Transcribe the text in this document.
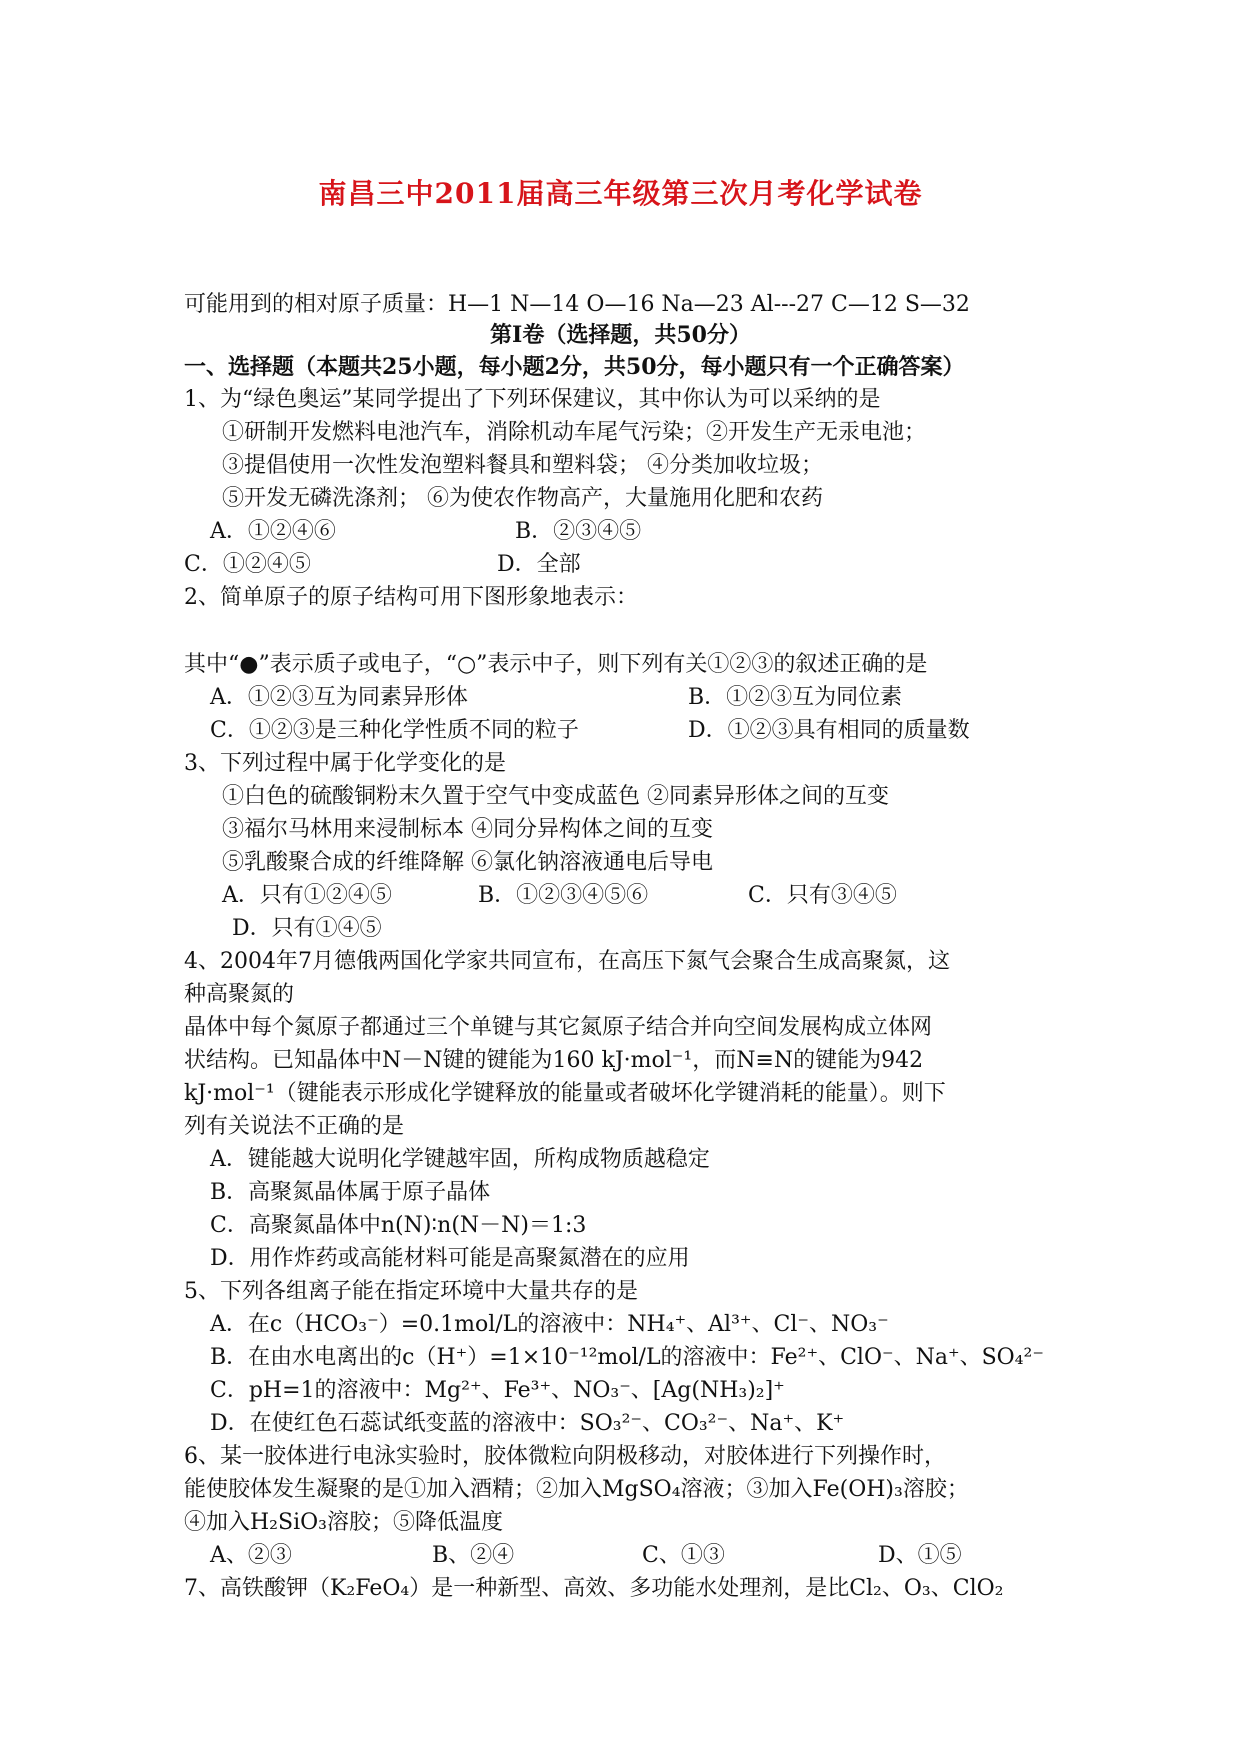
南昌三中2011届高三年级第三次月考化学试卷
可能用到的相对原子质量：H—1 N—14 O—16 Na—23 Al---27 C—12 S—32
第Ⅰ卷（选择题，共50分）
一、选择题（本题共25小题，每小题2分，共50分，每小题只有一个正确答案）
1、为“绿色奥运”某同学提出了下列环保建议，其中你认为可以采纳的是
①研制开发燃料电池汽车，消除机动车尾气污染；②开发生产无汞电池；
③提倡使用一次性发泡塑料餐具和塑料袋； ④分类加收垃圾；
⑤开发无磷洗涤剂； ⑥为使农作物高产，大量施用化肥和农药
A．①②④⑥	B．②③④⑤
C．①②④⑤	D．全部
2、简单原子的原子结构可用下图形象地表示：
其中“●”表示质子或电子，“○”表示中子，则下列有关①②③的叙述正确的是
A．①②③互为同素异形体	B．①②③互为同位素
C．①②③是三种化学性质不同的粒子	D．①②③具有相同的质量数
3、下列过程中属于化学变化的是
①白色的硫酸铜粉末久置于空气中变成蓝色 ②同素异形体之间的互变
③福尔马林用来浸制标本 ④同分异构体之间的互变
⑤乳酸聚合成的纤维降解 ⑥氯化钠溶液通电后导电
A．只有①②④⑤	B．①②③④⑤⑥	C．只有③④⑤
D．只有①④⑤
4、2004年7月德俄两国化学家共同宣布，在高压下氮气会聚合生成高聚氮，这
种高聚氮的
晶体中每个氮原子都通过三个单键与其它氮原子结合并向空间发展构成立体网
状结构。已知晶体中N－N键的键能为160 kJ·mol⁻¹，而N≡N的键能为942
kJ·mol⁻¹（键能表示形成化学键释放的能量或者破坏化学键消耗的能量）。则下
列有关说法不正确的是
A．键能越大说明化学键越牢固，所构成物质越稳定
B．高聚氮晶体属于原子晶体
C．高聚氮晶体中n(N)∶n(N－N)＝1:3
D．用作炸药或高能材料可能是高聚氮潜在的应用
5、下列各组离子能在指定环境中大量共存的是
A．在c（HCO₃⁻）=0.1mol/L的溶液中：NH₄⁺、Al³⁺、Cl⁻、NO₃⁻
B．在由水电离出的c（H⁺）=1×10⁻¹²mol/L的溶液中：Fe²⁺、ClO⁻、Na⁺、SO₄²⁻
C．pH=1的溶液中：Mg²⁺、Fe³⁺、NO₃⁻、[Ag(NH₃)₂]⁺
D．在使红色石蕊试纸变蓝的溶液中：SO₃²⁻、CO₃²⁻、Na⁺、K⁺
6、某一胶体进行电泳实验时，胶体微粒向阴极移动，对胶体进行下列操作时，
能使胶体发生凝聚的是①加入酒精；②加入MgSO₄溶液；③加入Fe(OH)₃溶胶；
④加入H₂SiO₃溶胶；⑤降低温度
A、②③	B、②④	C、①③	D、①⑤
7、高铁酸钾（K₂FeO₄）是一种新型、高效、多功能水处理剂，是比Cl₂、O₃、ClO₂
